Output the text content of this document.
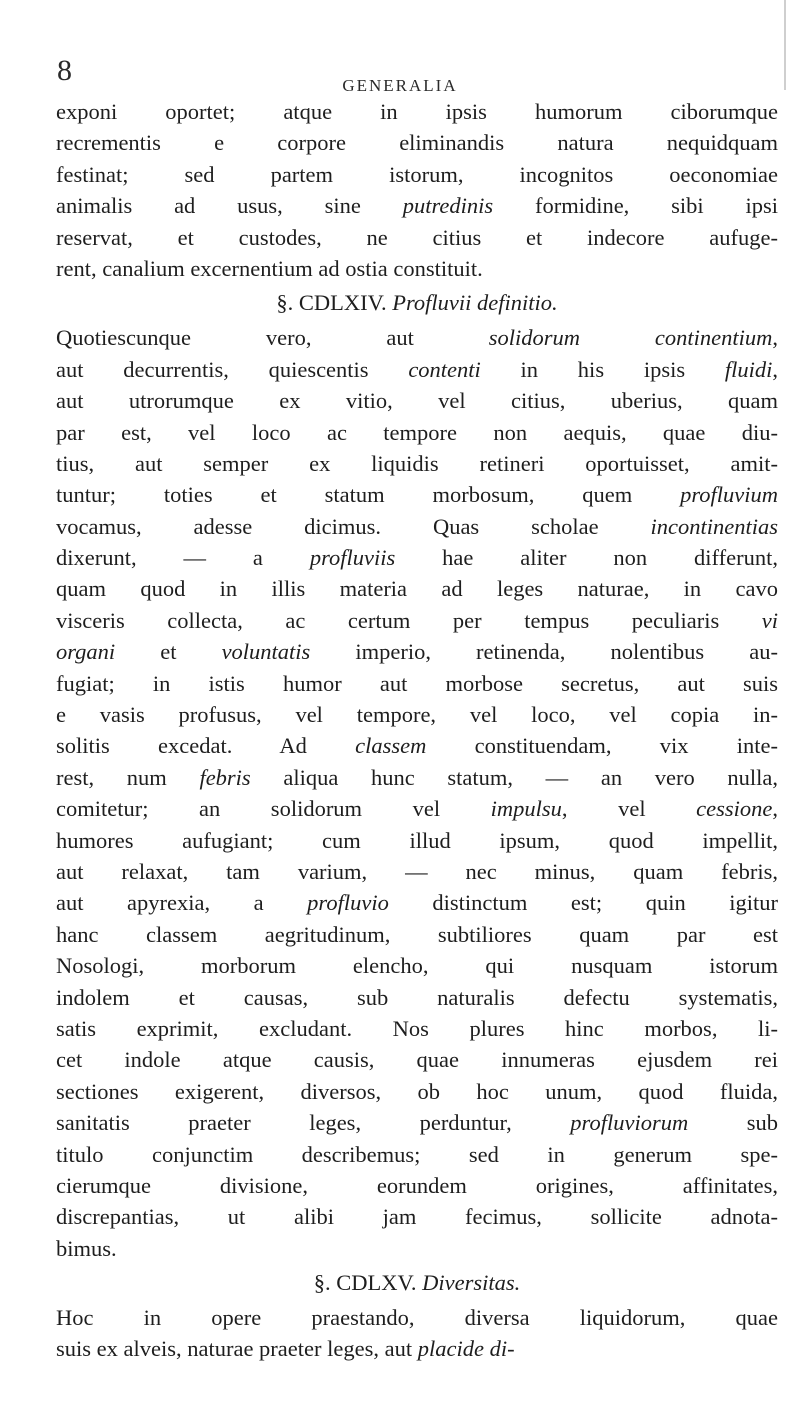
8	GENERALIA
exponi oportet; atque in ipsis humorum ciborumque
recrementis e corpore eliminandis natura nequidquam
festinat; sed partem istorum, incognitos oeconomiae
animalis ad usus, sine putredinis formidine, sibi ipsi
reservat, et custodes, ne citius et indecore aufuge-
rent, canalium excernentium ad ostia constituit.
§. CDLXIV. Profluvii definitio.
Quotiescunque vero, aut solidorum continentium,
aut decurrentis, quiescentis contenti in his ipsis fluidi,
aut utrorumque ex vitio, vel citius, uberius, quam
par est, vel loco ac tempore non aequis, quae diu-
tius, aut semper ex liquidis retineri oportuisset, amit-
tuntur; toties et statum morbosum, quem profluvium
vocamus, adesse dicimus. Quas scholae incontinentias
dixerunt, — a profluviis hae aliter non differunt,
quam quod in illis materia ad leges naturae, in cavo
visceris collecta, ac certum per tempus peculiaris vi
organi et voluntatis imperio, retinenda, nolentibus au-
fugiat; in istis humor aut morbose secretus, aut suis
e vasis profusus, vel tempore, vel loco, vel copia in-
solitis excedat. Ad classem constituendam, vix inte-
rest, num febris aliqua hunc statum, — an vero nulla,
comitetur; an solidorum vel impulsu, vel cessione,
humores aufugiant; cum illud ipsum, quod impellit,
aut relaxat, tam varium, — nec minus, quam febris,
aut apyrexia, a profluvio distinctum est; quin igitur
hanc classem aegritudinum, subtiliores quam par est
Nosologi, morborum elencho, qui nusquam istorum
indolem et causas, sub naturalis defectu systematis,
satis exprimit, excludant. Nos plures hinc morbos, li-
cet indole atque causis, quae innumeras ejusdem rei
sectiones exigerent, diversos, ob hoc unum, quod fluida,
sanitatis praeter leges, perduntur, profluviorum sub
titulo conjunctim describemus; sed in generum spe-
cierumque divisione, eorundem origines, affinitates,
discrepantias, ut alibi jam fecimus, sollicite adnota-
bimus.
§. CDLXV. Diversitas.
Hoc in opere praestando, diversa liquidorum, quae
suis ex alveis, naturae praeter leges, aut placide di-
